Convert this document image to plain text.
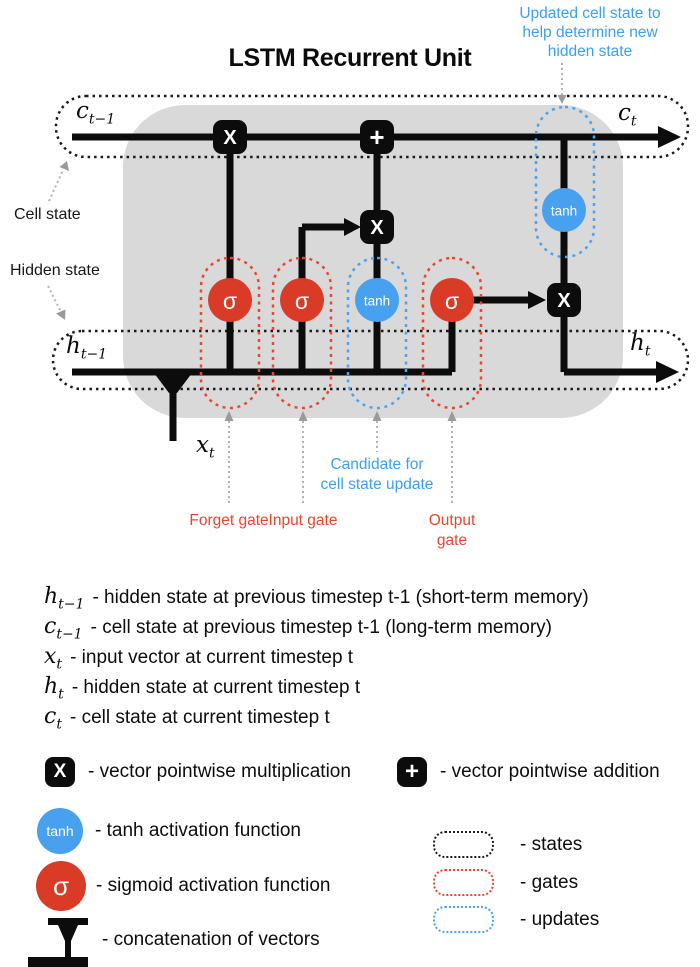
LSTM Recurrent Unit
Updated cell state to help determine new hidden state
X	+
X
X
σ	σ	tanh σ
tanh
$c_{t-1}$	$c_t$
$h_{t-1}$	$h_t$
$x_t$
Cell state
Hidden state
Forget gate Input gate
Candidate for cell state update
Output gate
$h_{t-1}$ - hidden state at previous timestep t-1 (short-term memory)
$c_{t-1}$ - cell state at previous timestep t-1 (long-term memory)
$x_t$ - input vector at current timestep t
$h_t$ - hidden state at current timestep t
$c_t$ - cell state at current timestep t
X	- vector pointwise multiplication	+	- vector pointwise addition
tanh	- tanh activation function
σ	- sigmoid activation function
- concatenation of vectors
- states
- gates
- updates
